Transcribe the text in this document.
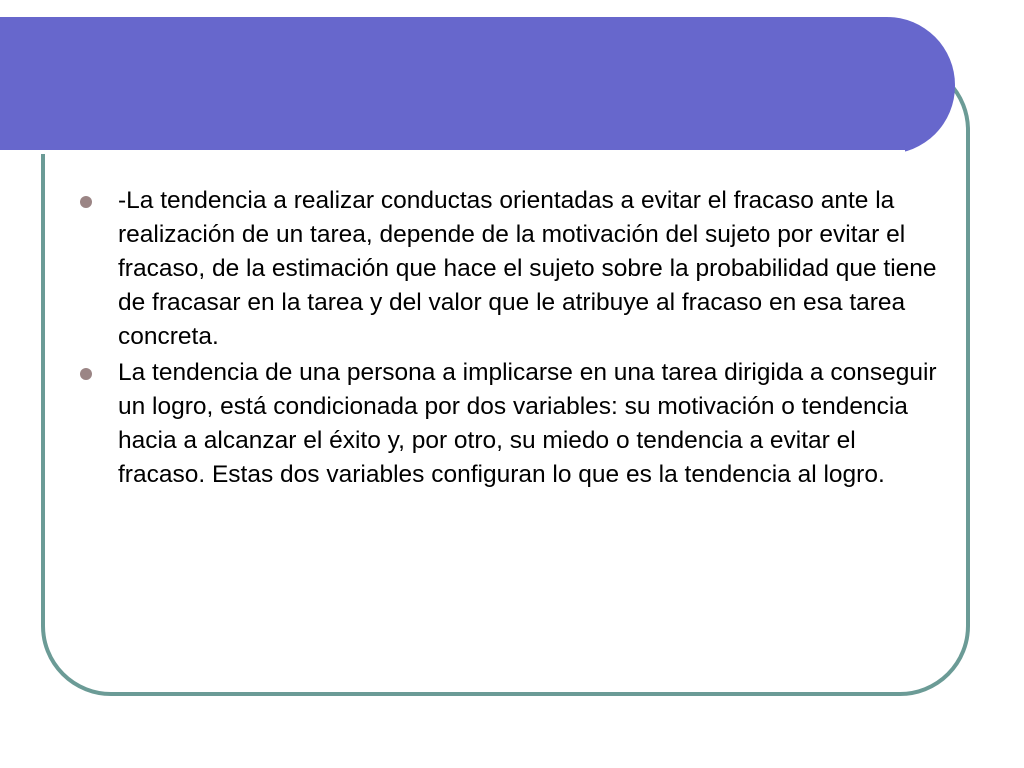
-La tendencia a realizar conductas orientadas a evitar el fracaso ante la realización de un tarea, depende de la motivación del sujeto por evitar el fracaso, de la estimación que hace el sujeto sobre la probabilidad que tiene de fracasar en la tarea y del valor que le atribuye al fracaso en esa tarea concreta.
La tendencia de una persona a implicarse en una tarea dirigida a conseguir un logro, está condicionada por dos variables: su motivación o tendencia hacia a alcanzar el éxito y, por otro, su miedo o tendencia a evitar el fracaso. Estas dos variables configuran lo que es la tendencia al logro.
